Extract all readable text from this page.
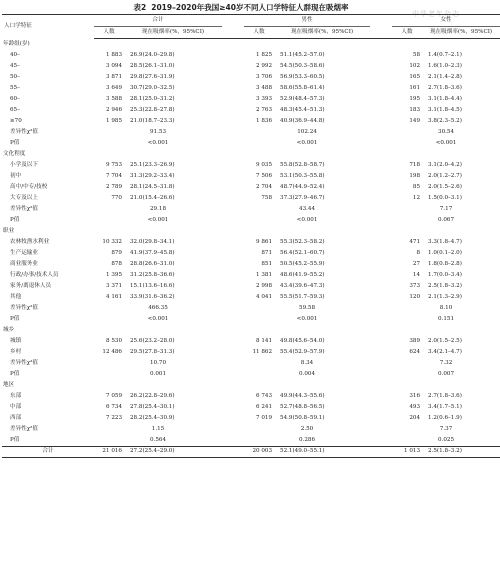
表2 2019–2020年我国≥40岁不同人口学特征人群现在吸烟率
中华老年杂志
人口学特征	合计			男性			女性	
	人数	现在吸烟率(%，95%CI)		人数	现在吸烟率(%，95%CI)		人数	现在吸烟率(%，95%CI)
年龄组(岁)								
40–	1 883	26.9(24.0–29.8)		1 825	51.1(45.2–57.0)		58	1.4(0.7–2.1)
45–	3 094	28.5(26.1–31.0)		2 992	54.5(50.3–58.6)		102	1.6(1.0–2.3)
50–	3 871	29.8(27.6–31.9)		3 706	56.9(53.3–60.5)		165	2.1(1.4–2.8)
55–	3 649	30.7(29.0–32.5)		3 488	58.6(55.8–61.4)		161	2.7(1.8–3.6)
60–	3 588	28.1(25.0–31.2)		3 393	52.9(48.4–57.3)		195	3.1(1.8–4.4)
65–	2 946	25.3(22.8–27.8)		2 763	48.3(45.4–51.3)		183	3.1(1.8–4.5)
≥70	1 985	21.0(18.7–23.3)		1 836	40.9(36.9–44.8)		149	3.8(2.3–5.2)
差异性χ²值	91.53			102.24			30.54	
P值	<0.001			<0.001			<0.001	
文化程度								
小学及以下	9 753	25.1(23.3–26.9)		9 035	55.8(52.8–58.7)		718	3.1(2.0–4.2)
初中	7 704	31.3(29.2–33.4)		7 506	53.1(50.3–55.8)		198	2.0(1.2–2.7)
高中/中专/技校	2 789	28.1(24.5–31.8)		2 704	48.7(44.9–52.4)		85	2.0(1.5–2.6)
大专及以上	770	21.0(15.4–26.6)		758	37.3(27.9–46.7)		12	1.5(0.0–3.1)
差异性χ²值	29.18			43.44			7.17	
P值	<0.001			<0.001			0.067	
职业								
农林牧渔水利业	10 332	32.0(29.8–34.1)		9 861	55.3(52.3–58.2)		471	3.3(1.8–4.7)
生产运输业	879	41.9(37.9–45.8)		871	56.4(52.1–60.7)		8	1.0(0.1–2.0)
商业服务业	878	28.8(26.6–31.0)		851	50.5(45.2–55.9)		27	1.8(0.8–2.8)
行政/办事/技术人员	1 395	31.2(25.8–36.6)		1 381	48.6(41.9–55.2)		14	1.7(0.0–3.4)
家务/离退休人员	3 371	15.1(13.6–16.6)		2 998	43.4(39.6–47.3)		373	2.5(1.8–3.2)
其他	4 161	33.9(31.6–36.2)		4 041	55.5(51.7–59.3)		120	2.1(1.3–2.9)
差异性χ²值	466.35			59.58			8.10	
P值	<0.001			<0.001			0.151	
城乡								
城镇	8 530	25.6(23.2–28.0)		8 141	49.8(45.6–54.0)		389	2.0(1.5–2.5)
乡村	12 486	29.5(27.8–31.3)		11 862	55.4(52.9–57.9)		624	3.4(2.1–4.7)
差异性χ²值	10.70			8.34			7.32	
P值	0.001			0.004			0.007	
地区								
东部	7 059	26.2(22.8–29.6)		6 743	49.9(44.3–55.6)		316	2.7(1.8–3.6)
中部	6 734	27.8(25.4–30.1)		6 241	52.7(48.8–56.5)		493	3.4(1.7–5.1)
西部	7 223	28.2(25.4–30.9)		7 019	54.9(50.8–59.1)		204	1.2(0.6–1.9)
差异性χ²值	1.15			2.50			7.37	
P值	0.564			0.286			0.025	
合计	21 016	27.2(25.4–29.0)		20 003	52.1(49.0–55.1)		1 013	2.5(1.8–3.2)
